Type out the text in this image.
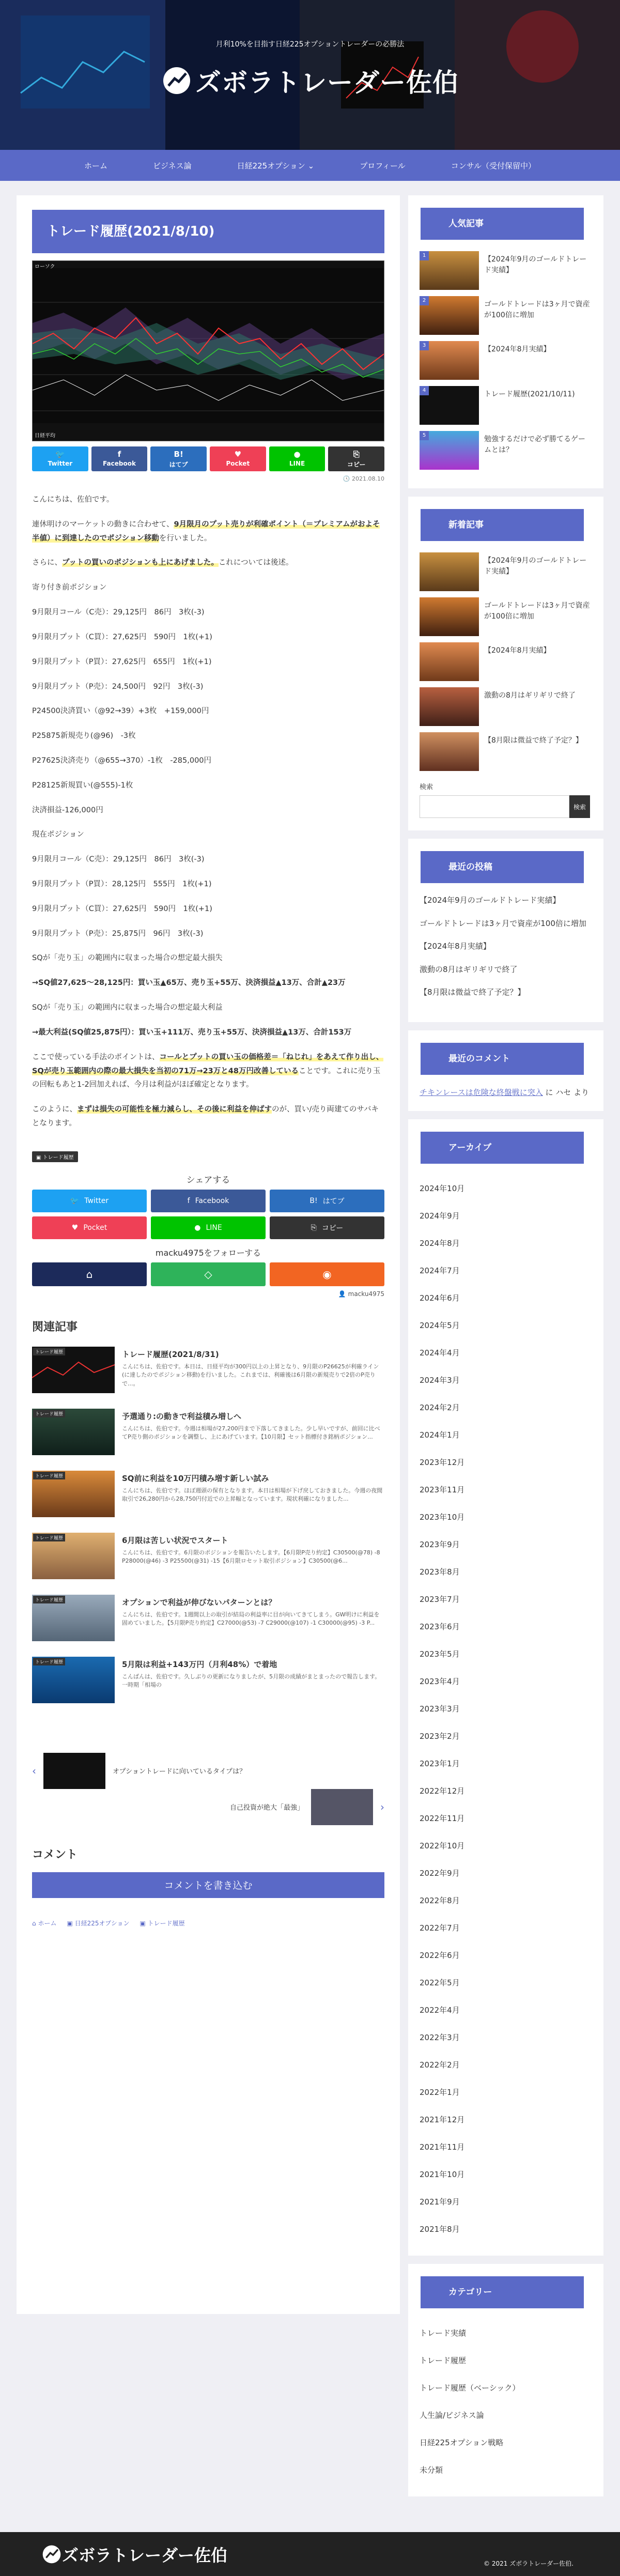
月利10%を目指す日経225オプショントレーダーの必勝法
ズボラトレーダー佐伯
ホーム	ビジネス論	日経225オプション ⌄	プロフィール	コンサル（受付保留中）
トレード履歴(2021/8/10)
ローソク
日経平均
🐦
Twitter
f
Facebook
B!
はてブ
♥
Pocket
●
LINE
⎘
コピー
🕓 2021.08.10

こんにちは、佐伯です。

連休明けのマーケットの動きに合わせて、9月限月のプット売りが利確ポイント（＝プレミアムがおよそ半値）に到達したのでポジション移動を行いました。

さらに、プットの買いのポジションも上にあげました。これについては後述。

寄り付き前ポジション

9月限月コール（C売）：29,125円　86円　3枚(-3)

9月限月プット（C買）：27,625円　590円　1枚(+1)

9月限月プット（P買）：27,625円　655円　1枚(+1)

9月限月プット（P売）：24,500円　92円　3枚(-3)

P24500決済買い（@92→39）+3枚　+159,000円

P25875新規売り(@96)　-3枚

P27625決済売り（@655→370）-1枚　-285,000円

P28125新規買い(@555)-1枚

決済損益-126,000円

現在ポジション

9月限月コール（C売）：29,125円　86円　3枚(-3)

9月限月プット（P買）：28,125円　555円　1枚(+1)

9月限月プット（C買）：27,625円　590円　1枚(+1)

9月限月プット（P売）：25,875円　96円　3枚(-3)

SQが「売り玉」の範囲内に収まった場合の想定最大損失

→SQ値27,625〜28,125円：買い玉▲65万、売り玉+55万、決済損益▲13万、合計▲23万

SQが「売り玉」の範囲内に収まった場合の想定最大利益

→最大利益(SQ値25,875円）：買い玉+111万、売り玉+55万、決済損益▲13万、合計153万

ここで使っている手法のポイントは、コールとプットの買い玉の価格差＝「ねじれ」をあえて作り出し、SQが売り玉範囲内の際の最大損失を当初の71万→23万と48万円改善していることです。これに売り玉の回転もあと1-2回加えれば、今月は利益がほぼ確定となります。

このように、まずは損失の可能性を極力減らし、その後に利益を伸ばすのが、買い/売り両建てのサバキとなります。

▣ トレード履歴
シェアする
🐦 Twitter	f Facebook	B! はてブ
♥ Pocket	● LINE	⎘ コピー
macku4975をフォローする
⌂	◇	◉
👤 macku4975
関連記事
トレード履歴	トレード履歴(2021/8/31)
こんにちは、佐伯です。本日は、日経平均が300円以上の上昇となり、9月限のP26625が利確ライン(に達したのでポジション移動)を行いました。これまでは、利確後は6月限の新規売りで2倍のP売りで...。
トレード履歴	予選通り:の動きで利益積み増しへ
こんにちは、佐伯です。今週は相場が27,200円まで下落してきました。少し早いですが、前回に比べてP売り側のポジションを調整し、上にあげています。【10月限】セット指標付き銘柄ポジション...
トレード履歴	SQ前に利益を10万円積み増す新しい試み
こんにちは、佐伯です。ほぼ週頭の保有となります。本日は相場が下げ戻しておきました。今週の夜間取引で26,280円から28,750円付近での上昇幅となっています。現状利確になりました...
トレード履歴	6月限は苦しい状況でスタート
こんにちは、佐伯です。6月限のポジションを報告いたします。【6月限P売り約定】C30500(@78) -8 P28000(@46) -3 P25500(@31) -15【6月限ロセット取引ポジション】C30500(@6...
トレード履歴	オプションで利益が伸びないパターンとは？
こんにちは、佐伯です。1週間以上の取引が結局の利益率に目が向いてきてしまう。GW明けに利益を固めていました。【5月限P売り約定】C27000(@53) -7 C29000(@107) -1 C30000(@95) -3 P...
トレード履歴	5月限は利益+143万円（月利48%）で着地
こんばんは、佐伯です。久しぶりの更新になりましたが、5月限の成績がまとまったので報告します。一時期「相場の
‹	オプショントレードに向いているタイプは？
自己投資が絶大「最強」	›
コメント
コメントを書き込む
⌂ ホーム ▣ 日経225オプション ▣ トレード履歴
人気記事
1	【2024年9月のゴールドトレード実績】
2	ゴールドトレードは3ヶ月で資産が100倍に増加
3	【2024年8月実績】
4	トレード履歴(2021/10/11)
5	勉強するだけで必ず勝てるゲームとは？
新着記事
【2024年9月のゴールドトレード実績】
ゴールドトレードは3ヶ月で資産が100倍に増加
【2024年8月実績】
激動の8月はギリギリで終了
【8月限は微益で終了予定？】
検索
検索
最近の投稿
【2024年9月のゴールドトレード実績】
ゴールドトレードは3ヶ月で資産が100倍に増加
【2024年8月実績】
激動の8月はギリギリで終了
【8月限は微益で終了予定？】
最近のコメント
チキンレースは危険な終盤戦に突入 に ハセ より
アーカイブ
2024年10月
2024年9月
2024年8月
2024年7月
2024年6月
2024年5月
2024年4月
2024年3月
2024年2月
2024年1月
2023年12月
2023年11月
2023年10月
2023年9月
2023年8月
2023年7月
2023年6月
2023年5月
2023年4月
2023年3月
2023年2月
2023年1月
2022年12月
2022年11月
2022年10月
2022年9月
2022年8月
2022年7月
2022年6月
2022年5月
2022年4月
2022年3月
2022年2月
2022年1月
2021年12月
2021年11月
2021年10月
2021年9月
2021年8月
カテゴリー
トレード実績
トレード履歴
トレード履歴（ベーシック）
人生論/ビジネス論
日経225オプション戦略
未分類
ズボラトレーダー佐伯	© 2021 ズボラトレーダー佐伯.
